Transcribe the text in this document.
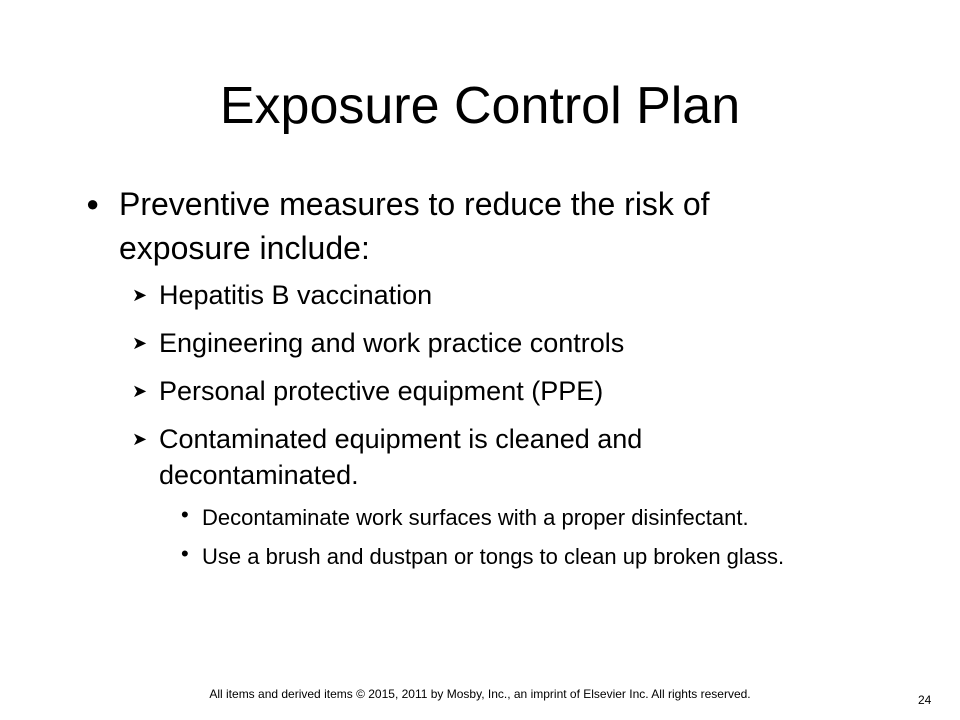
Exposure Control Plan
● Preventive measures to reduce the risk of exposure include:
➤ Hepatitis B vaccination
➤ Engineering and work practice controls
➤ Personal protective equipment (PPE)
➤ Contaminated equipment is cleaned and decontaminated.
• Decontaminate work surfaces with a proper disinfectant.
• Use a brush and dustpan or tongs to clean up broken glass.
All items and derived items © 2015, 2011 by Mosby, Inc., an imprint of Elsevier Inc. All rights reserved.	24
